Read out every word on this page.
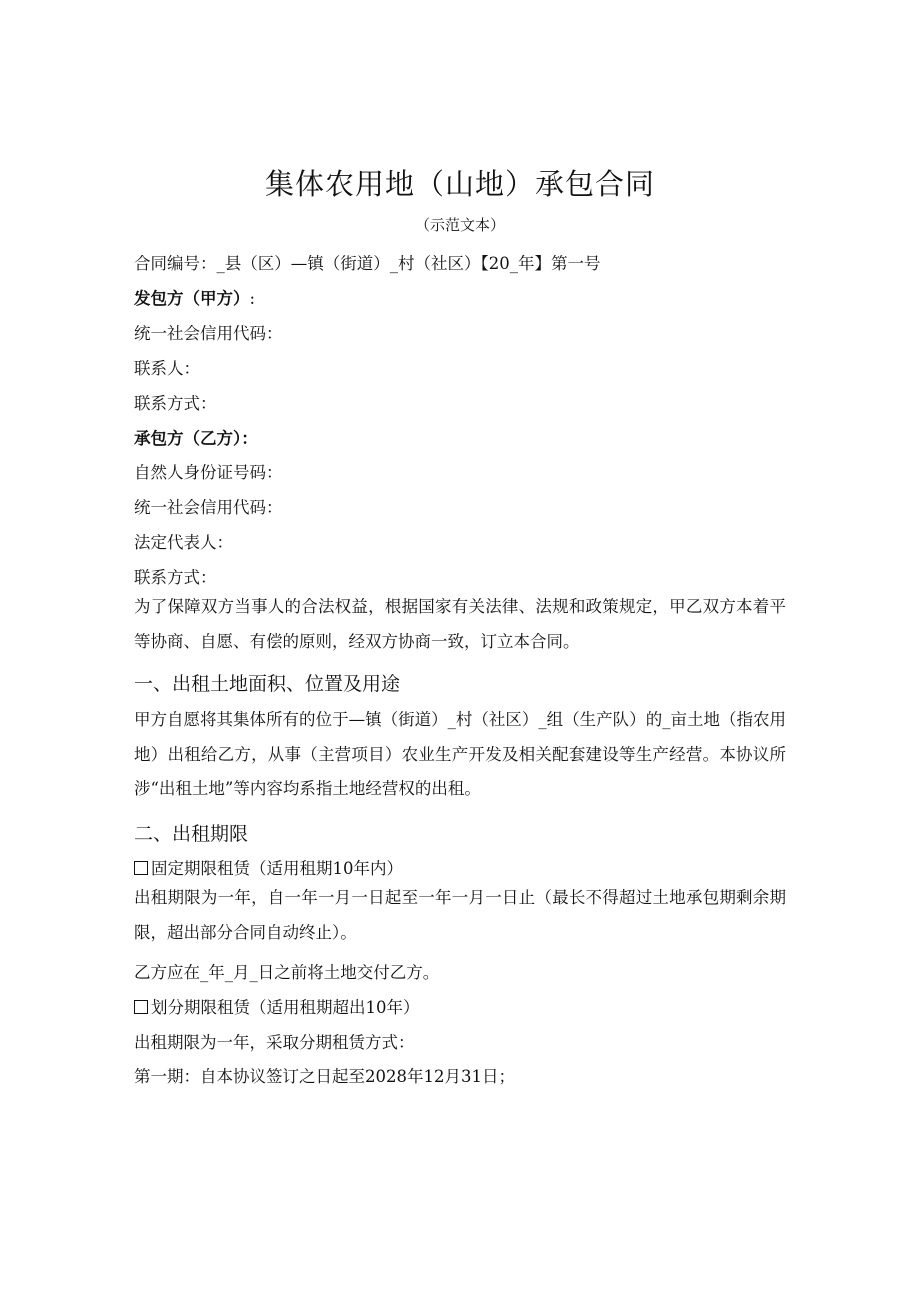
集体农用地（山地）承包合同
（示范文本）
合同编号：_县（区）—镇（街道）_村（社区）【20_年】第一号
发包方（甲方）:
统一社会信用代码：
联系人：
联系方式：
承包方（乙方）：
自然人身份证号码：
统一社会信用代码：
法定代表人：
联系方式：
为了保障双方当事人的合法权益，根据国家有关法律、法规和政策规定，甲乙双方本着平等协商、自愿、有偿的原则，经双方协商一致，订立本合同。
一、出租土地面积、位置及用途
甲方自愿将其集体所有的位于—镇（街道）_村（社区）_组（生产队）的_亩土地（指农用地）出租给乙方，从事（主营项目）农业生产开发及相关配套建设等生产经营。本协议所涉“出租土地”等内容均系指土地经营权的出租。
二、出租期限
固定期限租赁（适用租期10年内）
出租期限为一年，自一年一月一日起至一年一月一日止（最长不得超过土地承包期剩余期限，超出部分合同自动终止）。
乙方应在_年_月_日之前将土地交付乙方。
划分期限租赁（适用租期超出10年）
出租期限为一年，采取分期租赁方式：
第一期：自本协议签订之日起至2028年12月31日；
